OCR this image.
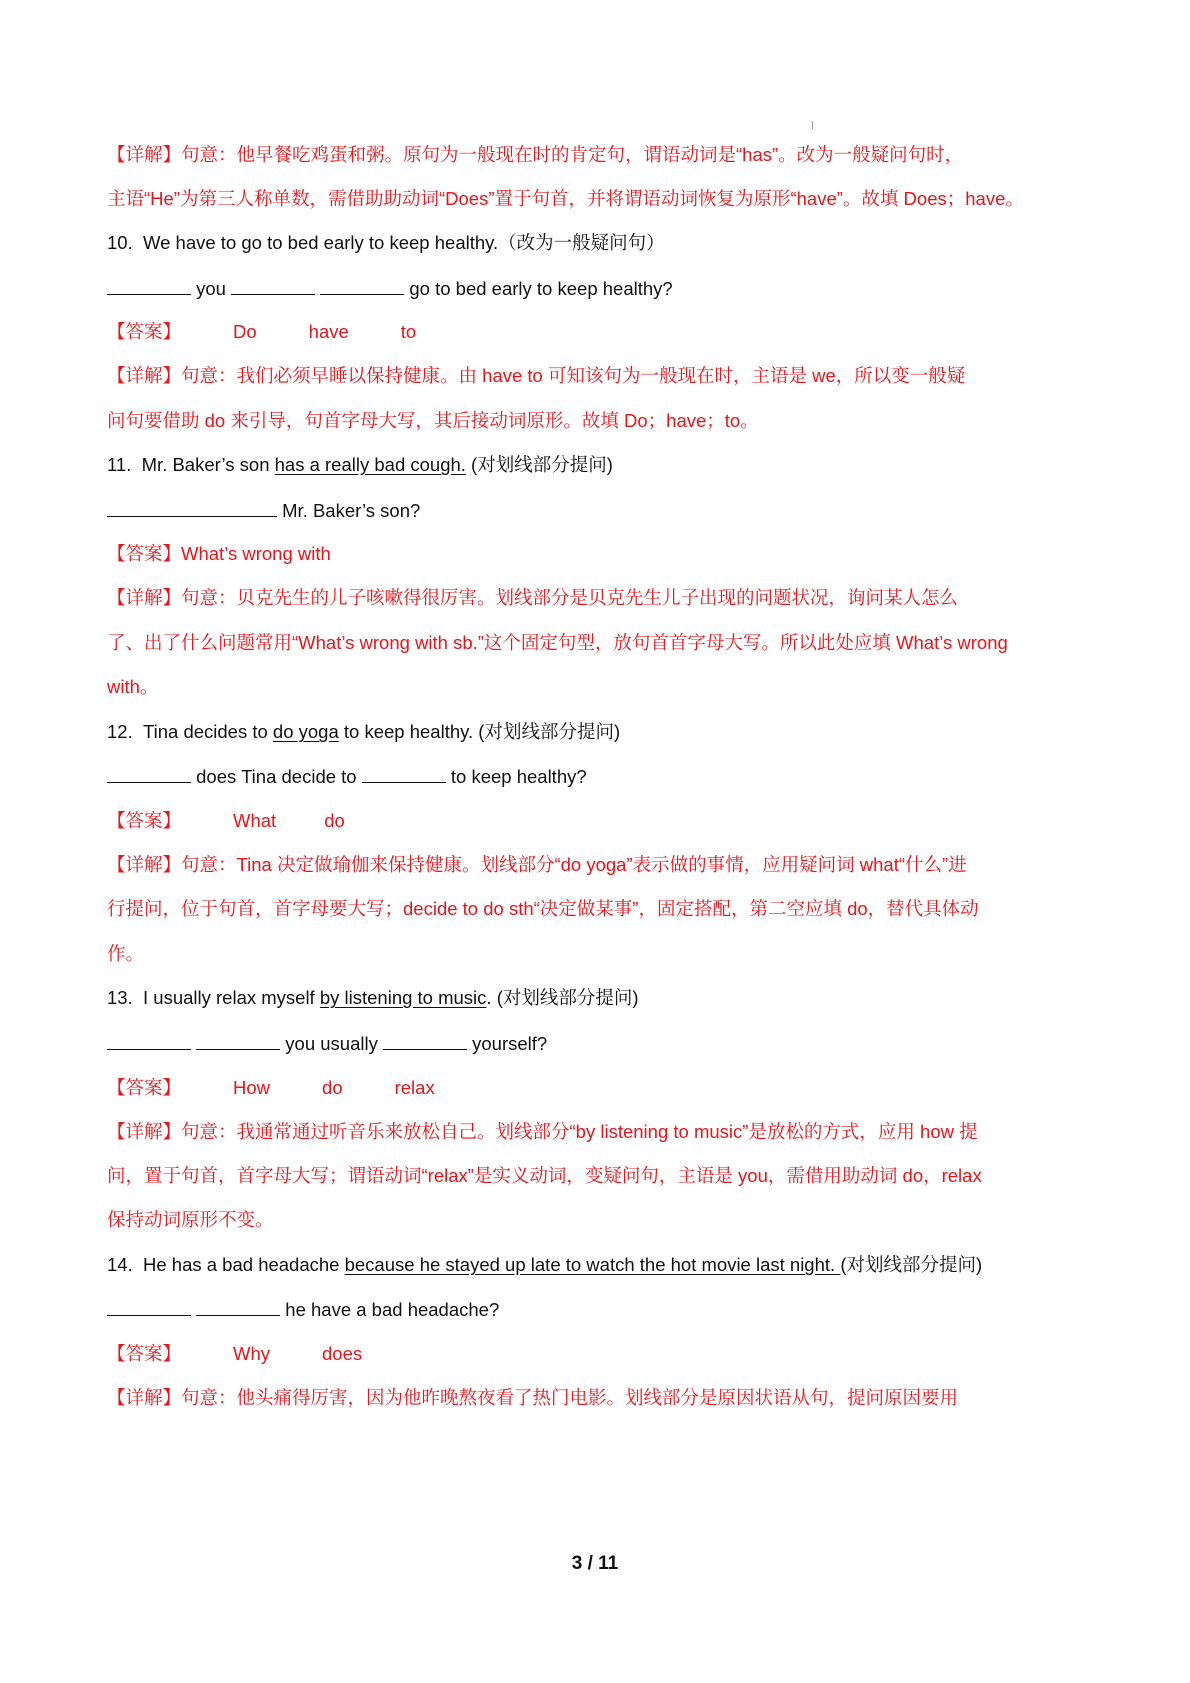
【详解】句意：他早餐吃鸡蛋和粥。原句为一般现在时的肯定句，谓语动词是“has”。改为一般疑问句时，
主语“He”为第三人称单数，需借助助动词“Does”置于句首，并将谓语动词恢复为原形“have”。故填 Does；have。
10. We have to go to bed early to keep healthy.（改为一般疑问句）
you	go to bed early to keep healthy?
【答案】	Do	have	to
【详解】句意：我们必须早睡以保持健康。由 have to 可知该句为一般现在时，主语是 we，所以变一般疑
问句要借助 do 来引导，句首字母大写，其后接动词原形。故填 Do；have；to。
11. Mr. Baker’s son has a really bad cough. (对划线部分提问)
Mr. Baker’s son?
【答案】What’s wrong with
【详解】句意：贝克先生的儿子咳嗽得很厉害。划线部分是贝克先生儿子出现的问题状况，询问某人怎么
了、出了什么问题常用“What’s wrong with sb.”这个固定句型，放句首首字母大写。所以此处应填 What’s wrong
with。
12. Tina decides to do yoga to keep healthy. (对划线部分提问)
does Tina decide to	to keep healthy?
【答案】	What	do
【详解】句意：Tina 决定做瑜伽来保持健康。划线部分“do yoga”表示做的事情，应用疑问词 what“什么”进
行提问，位于句首，首字母要大写；decide to do sth“决定做某事”，固定搭配，第二空应填 do，替代具体动
作。
13. I usually relax myself by listening to music. (对划线部分提问)
you usually	yourself?
【答案】	How	do	relax
【详解】句意：我通常通过听音乐来放松自己。划线部分“by listening to music”是放松的方式，应用 how 提
问，置于句首，首字母大写；谓语动词“relax”是实义动词，变疑问句，主语是 you，需借用助动词 do，relax
保持动词原形不变。
14. He has a bad headache because he stayed up late to watch the hot movie last night. (对划线部分提问)
he have a bad headache?
【答案】	Why	does
【详解】句意：他头痛得厉害，因为他昨晚熬夜看了热门电影。划线部分是原因状语从句，提问原因要用
3 / 11
